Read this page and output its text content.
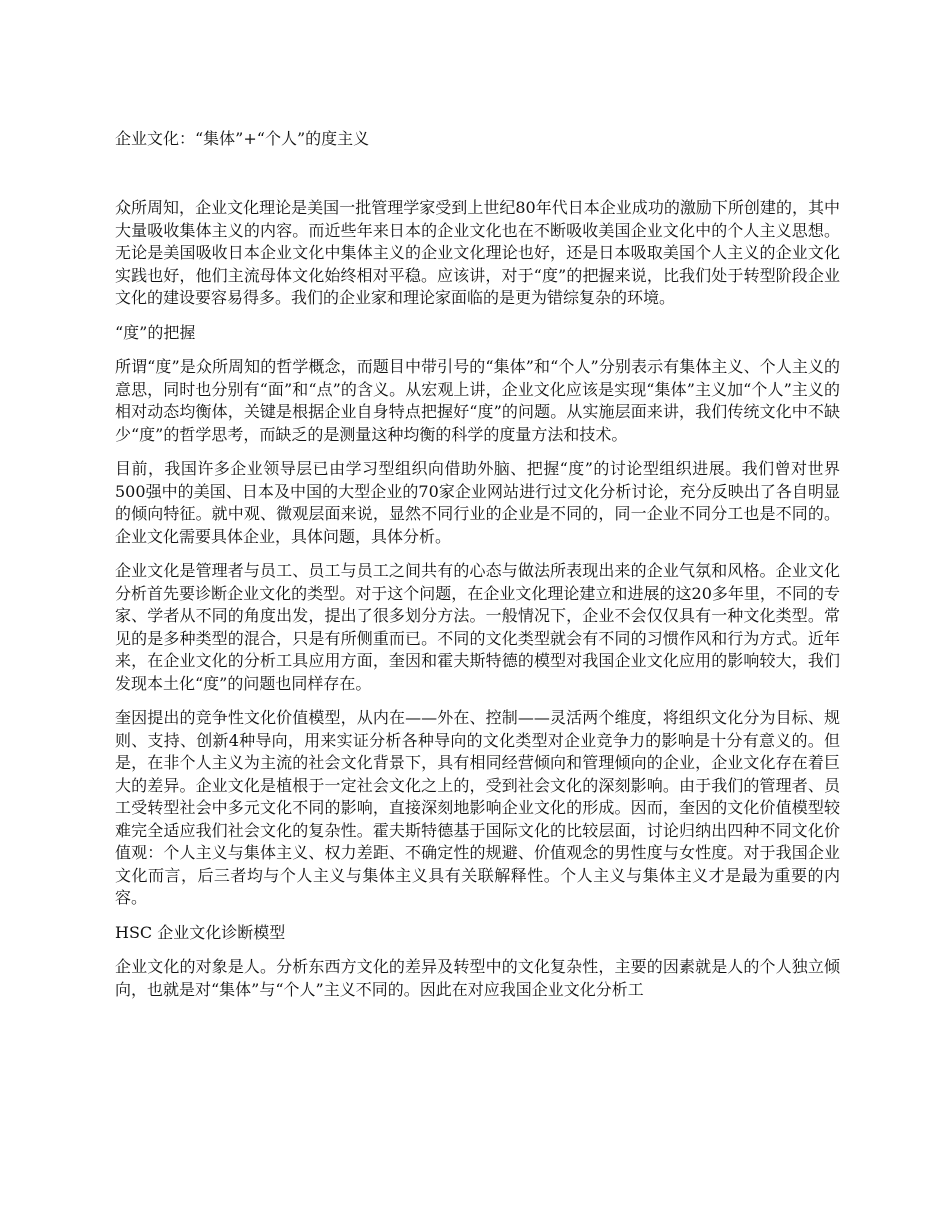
企业文化：“集体”+“个人”的度主义

众所周知，企业文化理论是美国一批管理学家受到上世纪80年代日本企业成功的激励下所创建的，其中大量吸收集体主义的内容。而近些年来日本的企业文化也在不断吸收美国企业文化中的个人主义思想。无论是美国吸收日本企业文化中集体主义的企业文化理论也好，还是日本吸取美国个人主义的企业文化实践也好，他们主流母体文化始终相对平稳。应该讲，对于“度”的把握来说，比我们处于转型阶段企业文化的建设要容易得多。我们的企业家和理论家面临的是更为错综复杂的环境。

“度”的把握

所谓“度”是众所周知的哲学概念，而题目中带引号的“集体”和“个人”分别表示有集体主义、个人主义的意思，同时也分别有“面”和“点”的含义。从宏观上讲，企业文化应该是实现“集体”主义加“个人”主义的相对动态均衡体，关键是根据企业自身特点把握好“度”的问题。从实施层面来讲，我们传统文化中不缺少“度”的哲学思考，而缺乏的是测量这种均衡的科学的度量方法和技术。

目前，我国许多企业领导层已由学习型组织向借助外脑、把握“度”的讨论型组织进展。我们曾对世界500强中的美国、日本及中国的大型企业的70家企业网站进行过文化分析讨论，充分反映出了各自明显的倾向特征。就中观、微观层面来说，显然不同行业的企业是不同的，同一企业不同分工也是不同的。企业文化需要具体企业，具体问题，具体分析。

企业文化是管理者与员工、员工与员工之间共有的心态与做法所表现出来的企业气氛和风格。企业文化分析首先要诊断企业文化的类型。对于这个问题，在企业文化理论建立和进展的这20多年里，不同的专家、学者从不同的角度出发，提出了很多划分方法。一般情况下，企业不会仅仅具有一种文化类型。常见的是多种类型的混合，只是有所侧重而已。不同的文化类型就会有不同的习惯作风和行为方式。近年来，在企业文化的分析工具应用方面，奎因和霍夫斯特德的模型对我国企业文化应用的影响较大，我们发现本土化“度”的问题也同样存在。

奎因提出的竞争性文化价值模型，从内在——外在、控制——灵活两个维度，将组织文化分为目标、规则、支持、创新4种导向，用来实证分析各种导向的文化类型对企业竞争力的影响是十分有意义的。但是，在非个人主义为主流的社会文化背景下，具有相同经营倾向和管理倾向的企业，企业文化存在着巨大的差异。企业文化是植根于一定社会文化之上的，受到社会文化的深刻影响。由于我们的管理者、员工受转型社会中多元文化不同的影响，直接深刻地影响企业文化的形成。因而，奎因的文化价值模型较难完全适应我们社会文化的复杂性。霍夫斯特德基于国际文化的比较层面，讨论归纳出四种不同文化价值观：个人主义与集体主义、权力差距、不确定性的规避、价值观念的男性度与女性度。对于我国企业文化而言，后三者均与个人主义与集体主义具有关联解释性。个人主义与集体主义才是最为重要的内容。

HSC 企业文化诊断模型

企业文化的对象是人。分析东西方文化的差异及转型中的文化复杂性，主要的因素就是人的个人独立倾向，也就是对“集体”与“个人”主义不同的。因此在对应我国企业文化分析工
